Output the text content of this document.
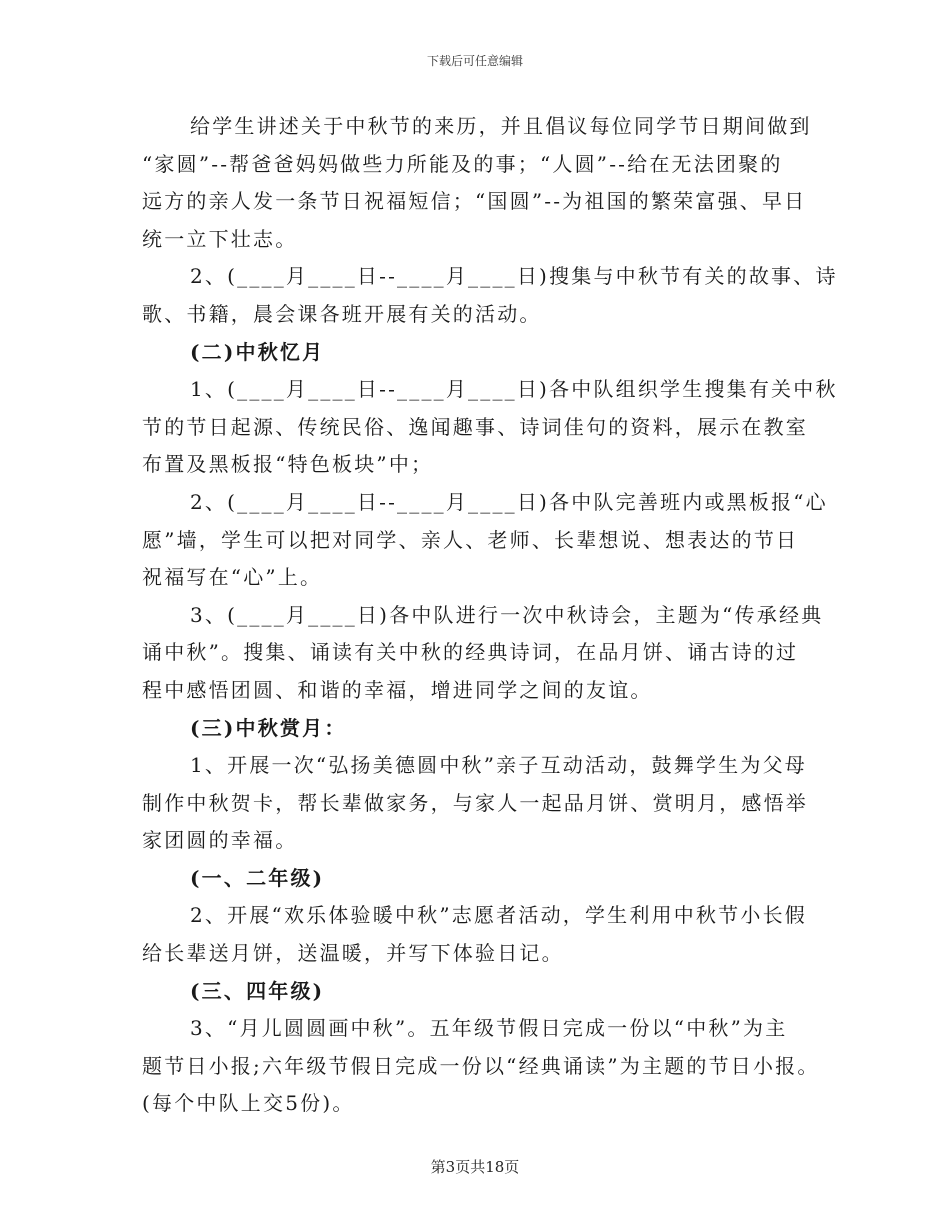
下载后可任意编辑
给学生讲述关于中秋节的来历，并且倡议每位同学节日期间做到
“家圆”--帮爸爸妈妈做些力所能及的事；“人圆”--给在无法团聚的
远方的亲人发一条节日祝福短信；“国圆”--为祖国的繁荣富强、早日
统一立下壮志。
2、(____月____日--____月____日)搜集与中秋节有关的故事、诗
歌、书籍，晨会课各班开展有关的活动。
(二)中秋忆月
1、(____月____日--____月____日)各中队组织学生搜集有关中秋
节的节日起源、传统民俗、逸闻趣事、诗词佳句的资料，展示在教室
布置及黑板报“特色板块”中；
2、(____月____日--____月____日)各中队完善班内或黑板报“心
愿”墙，学生可以把对同学、亲人、老师、长辈想说、想表达的节日
祝福写在“心”上。
3、(____月____日)各中队进行一次中秋诗会，主题为“传承经典
诵中秋”。搜集、诵读有关中秋的经典诗词，在品月饼、诵古诗的过
程中感悟团圆、和谐的幸福，增进同学之间的友谊。
(三)中秋赏月：
1、开展一次“弘扬美德圆中秋”亲子互动活动，鼓舞学生为父母
制作中秋贺卡，帮长辈做家务，与家人一起品月饼、赏明月，感悟举
家团圆的幸福。
(一、二年级)
2、开展“欢乐体验暖中秋”志愿者活动，学生利用中秋节小长假
给长辈送月饼，送温暖，并写下体验日记。
(三、四年级)
3、“月儿圆圆画中秋”。五年级节假日完成一份以“中秋”为主
题节日小报;六年级节假日完成一份以“经典诵读”为主题的节日小报。
(每个中队上交5份)。
第3页共18页
